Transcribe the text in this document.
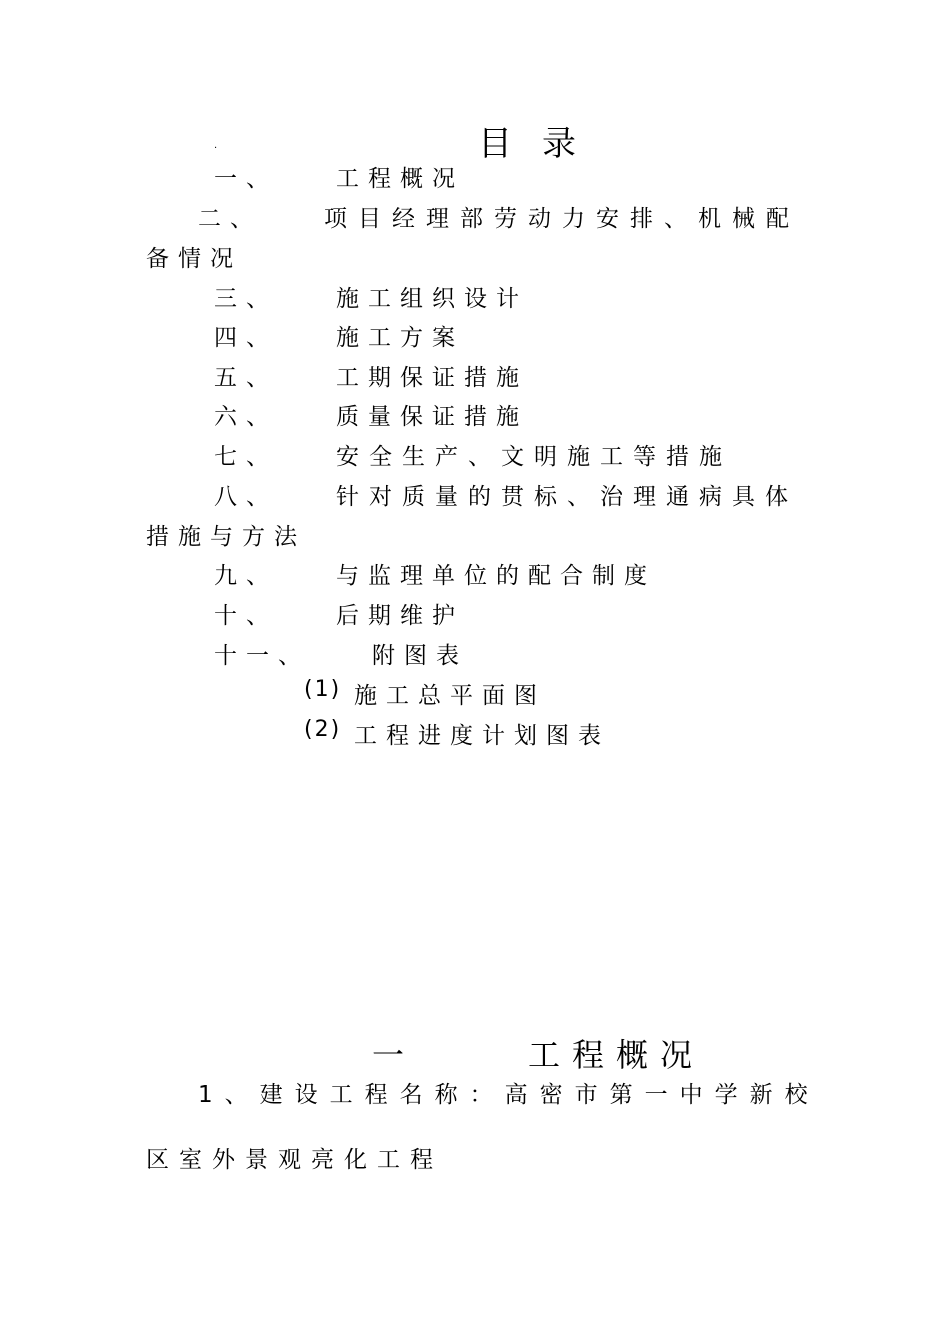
.	目录
一、	工程概况
二、	项目经理部劳动力安排、机械配
备情况
三、	施工组织设计
四、	施工方案
五、	工期保证措施
六、	质量保证措施
七、	安全生产、文明施工等措施
八、	针对质量的贯标、治理通病具体
措施与方法
九、	与监理单位的配合制度
十、	后期维护
十一、	附图表
(1) 施工总平面图
(2) 工程进度计划图表
一	工程概况
1、建设工程名称：高密市第一中学新校
区室外景观亮化工程
